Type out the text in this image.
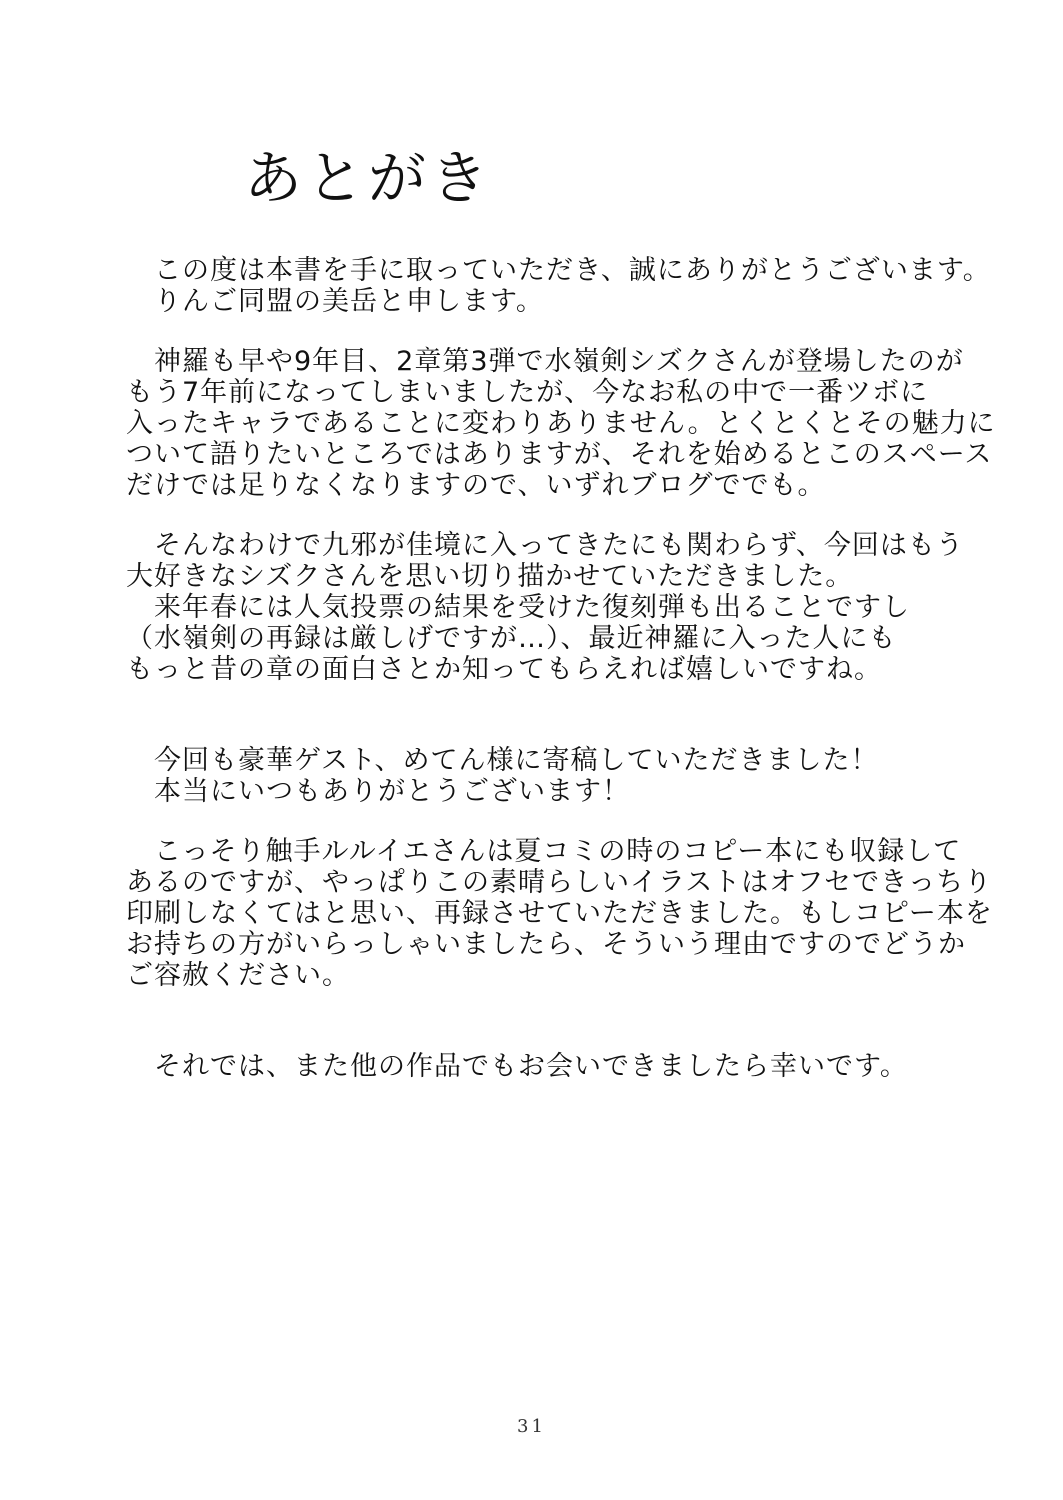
あとがき
　この度は本書を手に取っていただき、誠にありがとうございます。
　りんご同盟の美岳と申します。
　神羅も早や9年目、2章第3弾で水嶺剣シズクさんが登場したのが
もう7年前になってしまいましたが、今なお私の中で一番ツボに
入ったキャラであることに変わりありません。とくとくとその魅力に
ついて語りたいところではありますが、それを始めるとこのスペース
だけでは足りなくなりますので、いずれブログででも。
　そんなわけで九邪が佳境に入ってきたにも関わらず、今回はもう
大好きなシズクさんを思い切り描かせていただきました。
　来年春には人気投票の結果を受けた復刻弾も出ることですし
（水嶺剣の再録は厳しげですが…）、最近神羅に入った人にも
もっと昔の章の面白さとか知ってもらえれば嬉しいですね。
　今回も豪華ゲスト、めてん様に寄稿していただきました！
　本当にいつもありがとうございます！
　こっそり触手ルルイエさんは夏コミの時のコピー本にも収録して
あるのですが、やっぱりこの素晴らしいイラストはオフセできっちり
印刷しなくてはと思い、再録させていただきました。もしコピー本を
お持ちの方がいらっしゃいましたら、そういう理由ですのでどうか
ご容赦ください。
　それでは、また他の作品でもお会いできましたら幸いです。
31
